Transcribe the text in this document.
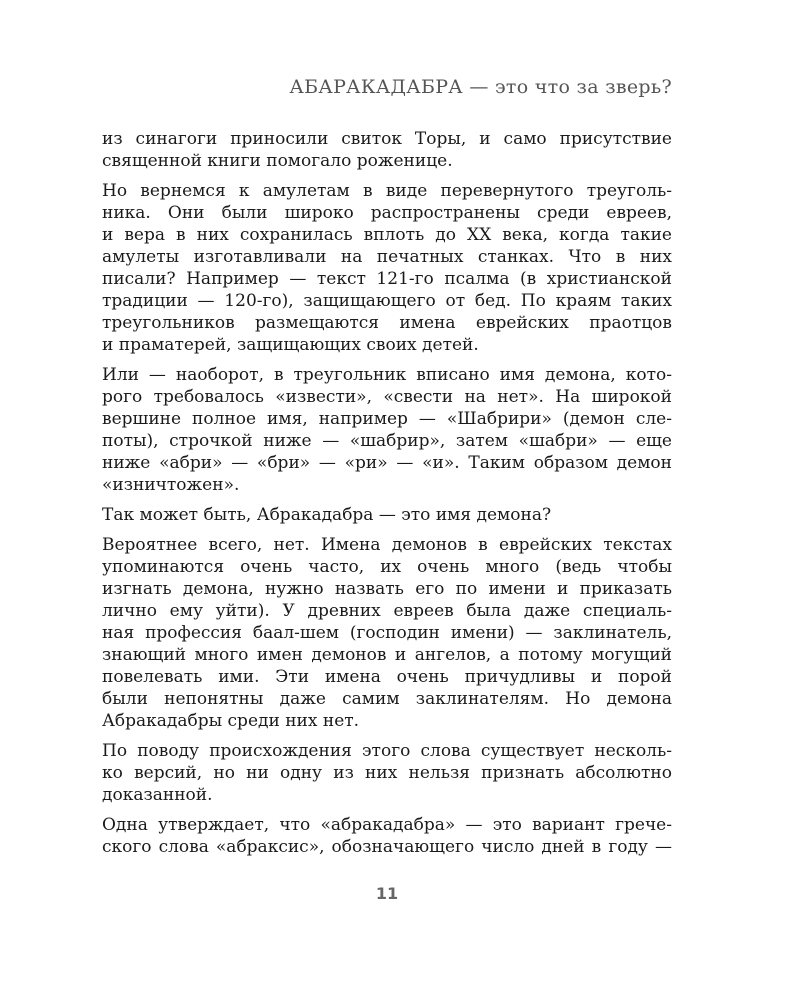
АБАРАКАДАБРА — это что за зверь?
из синагоги приносили свиток Торы, и само присутствие
священной книги помогало роженице.
Но вернемся к амулетам в виде перевернутого треуголь-
ника. Они были широко распространены среди евреев,
и вера в них сохранилась вплоть до XX века, когда такие
амулеты изготавливали на печатных станках. Что в них
писали? Например — текст 121-го псалма (в христианской
традиции — 120-го), защищающего от бед. По краям таких
треугольников размещаются имена еврейских праотцов
и праматерей, защищающих своих детей.
Или — наоборот, в треугольник вписано имя демона, кото-
рого требовалось «извести», «свести на нет». На широкой
вершине полное имя, например — «Шабрири» (демон сле-
поты), строчкой ниже — «шабрир», затем «шабри» — еще
ниже «абри» — «бри» — «ри» — «и». Таким образом демон
«изничтожен».
Так может быть, Абракадабра — это имя демона?
Вероятнее всего, нет. Имена демонов в еврейских текстах
упоминаются очень часто, их очень много (ведь чтобы
изгнать демона, нужно назвать его по имени и приказать
лично ему уйти). У древних евреев была даже специаль-
ная профессия баал-шем (господин имени) — заклинатель,
знающий много имен демонов и ангелов, а потому могущий
повелевать ими. Эти имена очень причудливы и порой
были непонятны даже самим заклинателям. Но демона
Абракадабры среди них нет.
По поводу происхождения этого слова существует несколь-
ко версий, но ни одну из них нельзя признать абсолютно
доказанной.
Одна утверждает, что «абракадабра» — это вариант грече-
ского слова «абраксис», обозначающего число дней в году —
11
